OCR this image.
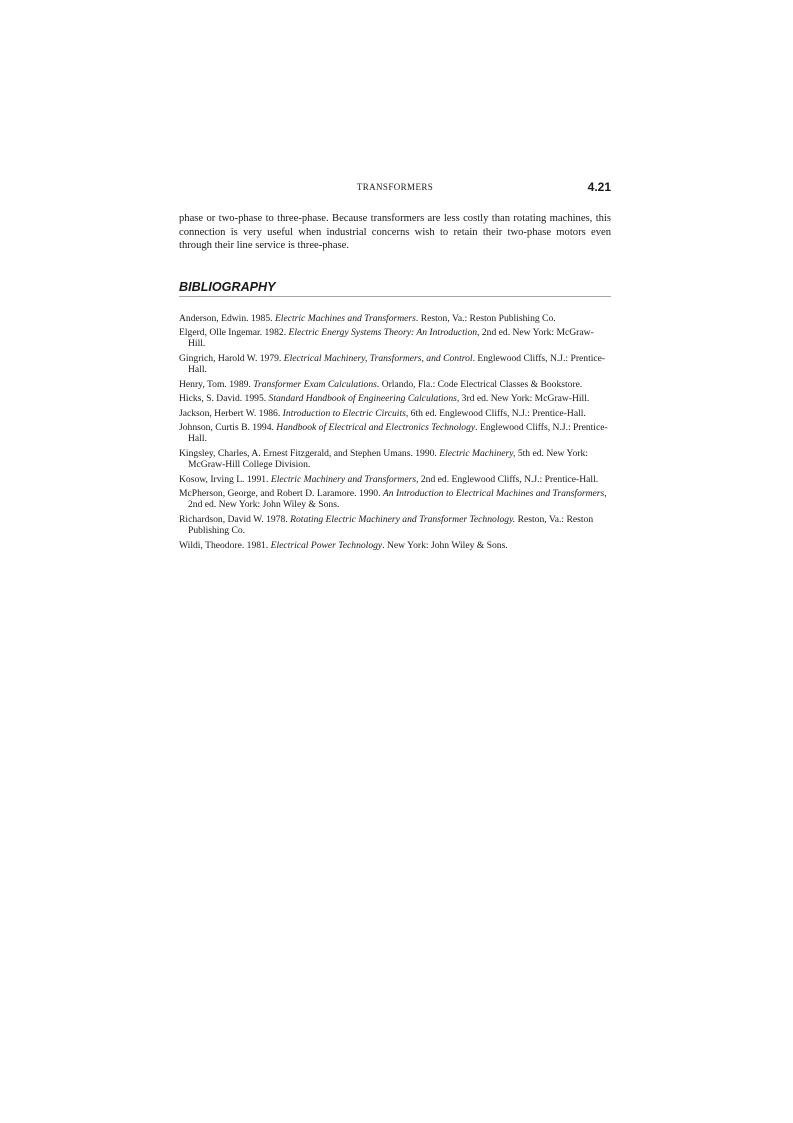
TRANSFORMERS	4.21

phase or two-phase to three-phase. Because transformers are less costly than rotating machines, this connection is very useful when industrial concerns wish to retain their two-phase motors even through their line service is three-phase.

BIBLIOGRAPHY
Anderson, Edwin. 1985. Electric Machines and Transformers. Reston, Va.: Reston Publishing Co.
Elgerd, Olle Ingemar. 1982. Electric Energy Systems Theory: An Introduction, 2nd ed. New York: McGraw-Hill.
Gingrich, Harold W. 1979. Electrical Machinery, Transformers, and Control. Englewood Cliffs, N.J.: Prentice-Hall.
Henry, Tom. 1989. Transformer Exam Calculations. Orlando, Fla.: Code Electrical Classes & Bookstore.
Hicks, S. David. 1995. Standard Handbook of Engineering Calculations, 3rd ed. New York: McGraw-Hill.
Jackson, Herbert W. 1986. Introduction to Electric Circuits, 6th ed. Englewood Cliffs, N.J.: Prentice-Hall.
Johnson, Curtis B. 1994. Handbook of Electrical and Electronics Technology. Englewood Cliffs, N.J.: Prentice-Hall.
Kingsley, Charles, A. Ernest Fitzgerald, and Stephen Umans. 1990. Electric Machinery, 5th ed. New York: McGraw-Hill College Division.
Kosow, Irving L. 1991. Electric Machinery and Transformers, 2nd ed. Englewood Cliffs, N.J.: Prentice-Hall.
McPherson, George, and Robert D. Laramore. 1990. An Introduction to Electrical Machines and Transformers, 2nd ed. New York: John Wiley & Sons.
Richardson, David W. 1978. Rotating Electric Machinery and Transformer Technology. Reston, Va.: Reston Publishing Co.
Wildi, Theodore. 1981. Electrical Power Technology. New York: John Wiley & Sons.
